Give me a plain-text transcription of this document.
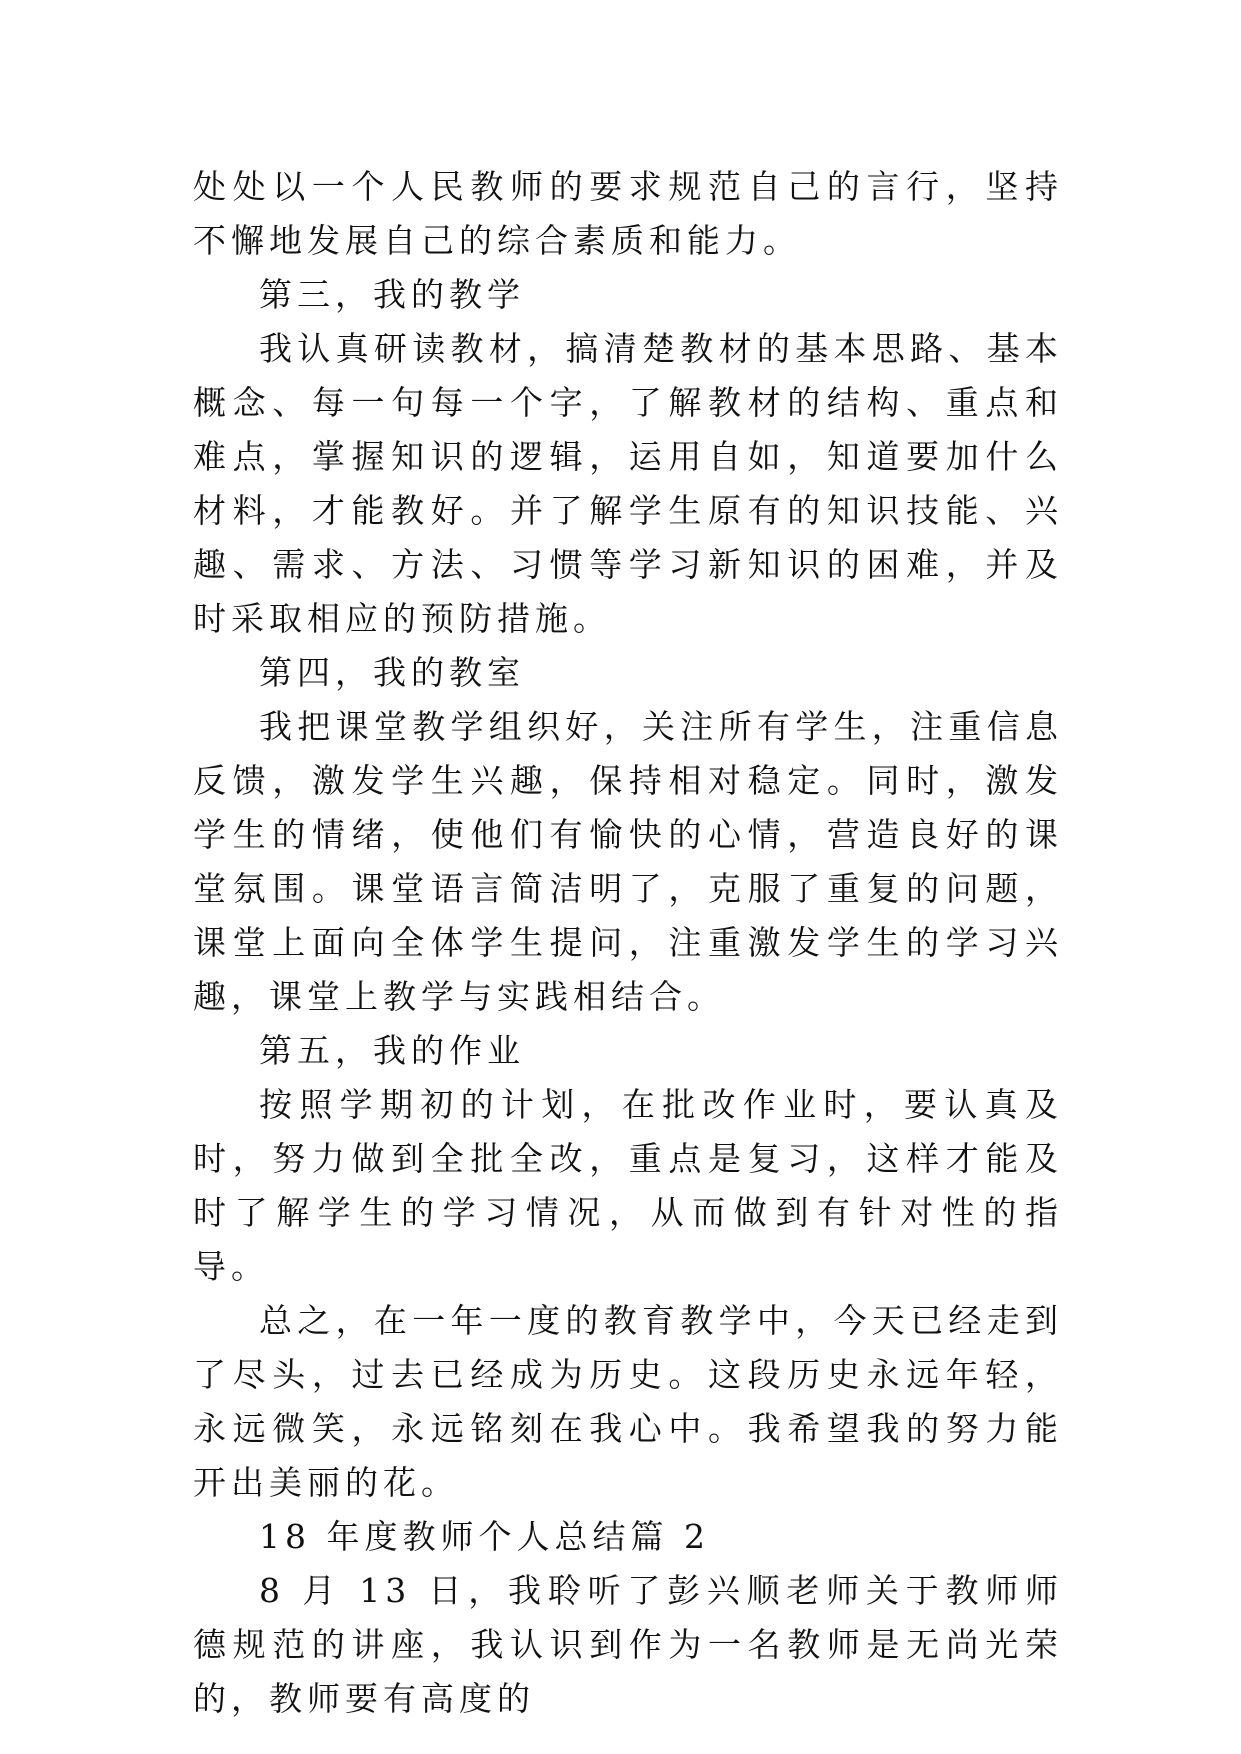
处处以一个人民教师的要求规范自己的言行，坚持不懈地发展自己的综合素质和能力。

第三，我的教学

我认真研读教材，搞清楚教材的基本思路、基本概念、每一句每一个字，了解教材的结构、重点和难点，掌握知识的逻辑，运用自如，知道要加什么材料，才能教好。并了解学生原有的知识技能、兴趣、需求、方法、习惯等学习新知识的困难，并及时采取相应的预防措施。

第四，我的教室

我把课堂教学组织好，关注所有学生，注重信息反馈，激发学生兴趣，保持相对稳定。同时，激发学生的情绪，使他们有愉快的心情，营造良好的课堂氛围。课堂语言简洁明了，克服了重复的问题，课堂上面向全体学生提问，注重激发学生的学习兴趣，课堂上教学与实践相结合。

第五，我的作业

按照学期初的计划，在批改作业时，要认真及时，努力做到全批全改，重点是复习，这样才能及时了解学生的学习情况，从而做到有针对性的指导。

总之，在一年一度的教育教学中，今天已经走到了尽头，过去已经成为历史。这段历史永远年轻，永远微笑，永远铭刻在我心中。我希望我的努力能开出美丽的花。

18 年度教师个人总结篇 2

8 月 13 日，我聆听了彭兴顺老师关于教师师德规范的讲座，我认识到作为一名教师是无尚光荣的，教师要有高度的
